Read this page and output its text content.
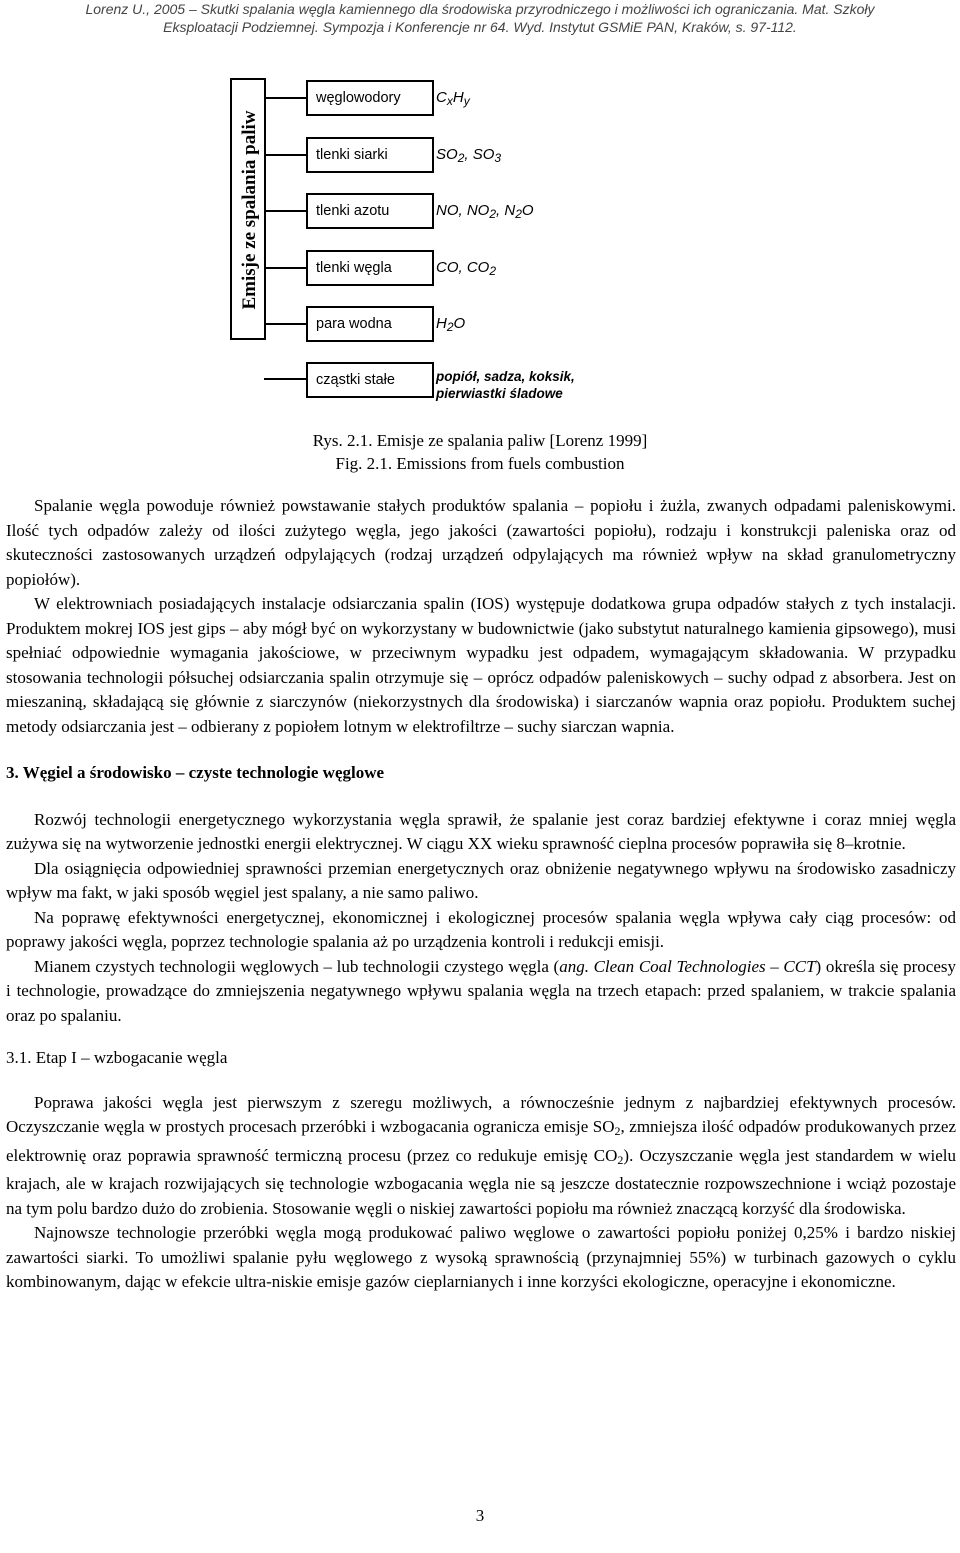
Lorenz U., 2005 – Skutki spalania węgla kamiennego dla środowiska przyrodniczego i możliwości ich ograniczania. Mat. Szkoły
Eksploatacji Podziemnej. Sympozja i Konferencje nr 64. Wyd. Instytut GSMiE PAN, Kraków, s. 97-112.
Emisje ze spalania paliw
węglowodory	$C_xH_y$
tlenki siarki	$SO_2$, $SO_3$
tlenki azotu	NO, $NO_2$, $N_2O$
tlenki węgla	CO, $CO_2$
para wodna	$H_2O$
cząstki stałe	popiół, sadza, koksik,
pierwiastki śladowe
Rys. 2.1. Emisje ze spalania paliw [Lorenz 1999]
Fig. 2.1. Emissions from fuels combustion

Spalanie węgla powoduje również powstawanie stałych produktów spalania – popiołu i żużla, zwanych odpadami paleniskowymi. Ilość tych odpadów zależy od ilości zużytego węgla, jego jakości (zawartości popiołu), rodzaju i konstrukcji paleniska oraz od skuteczności zastosowanych urządzeń odpylających (rodzaj urządzeń odpylających ma również wpływ na skład granulometryczny popiołów).

W elektrowniach posiadających instalacje odsiarczania spalin (IOS) występuje dodatkowa grupa odpadów stałych z tych instalacji. Produktem mokrej IOS jest gips – aby mógł być on wykorzystany w budownictwie (jako substytut naturalnego kamienia gipsowego), musi spełniać odpowiednie wymagania jakościowe, w przeciwnym wypadku jest odpadem, wymagającym składowania. W przypadku stosowania technologii półsuchej odsiarczania spalin otrzymuje się – oprócz odpadów paleniskowych – suchy odpad z absorbera. Jest on mieszaniną, składającą się głównie z siarczynów (niekorzystnych dla środowiska) i siarczanów wapnia oraz popiołu. Produktem suchej metody odsiarczania jest – odbierany z popiołem lotnym w elektrofiltrze – suchy siarczan wapnia.

3. Węgiel a środowisko – czyste technologie węglowe

Rozwój technologii energetycznego wykorzystania węgla sprawił, że spalanie jest coraz bardziej efektywne i coraz mniej węgla zużywa się na wytworzenie jednostki energii elektrycznej. W ciągu XX wieku sprawność cieplna procesów poprawiła się 8–krotnie.

Dla osiągnięcia odpowiedniej sprawności przemian energetycznych oraz obniżenie negatywnego wpływu na środowisko zasadniczy wpływ ma fakt, w jaki sposób węgiel jest spalany, a nie samo paliwo.

Na poprawę efektywności energetycznej, ekonomicznej i ekologicznej procesów spalania węgla wpływa cały ciąg procesów: od poprawy jakości węgla, poprzez technologie spalania aż po urządzenia kontroli i redukcji emisji.

Mianem czystych technologii węglowych – lub technologii czystego węgla (ang. Clean Coal Technologies – CCT) określa się procesy i technologie, prowadzące do zmniejszenia negatywnego wpływu spalania węgla na trzech etapach: przed spalaniem, w trakcie spalania oraz po spalaniu.

3.1. Etap I – wzbogacanie węgla

Poprawa jakości węgla jest pierwszym z szeregu możliwych, a równocześnie jednym z najbardziej efektywnych procesów. Oczyszczanie węgla w prostych procesach przeróbki i wzbogacania ogranicza emisje $SO_2$, zmniejsza ilość odpadów produkowanych przez elektrownię oraz poprawia sprawność termiczną procesu (przez co redukuje emisję $CO_2$). Oczyszczanie węgla jest standardem w wielu krajach, ale w krajach rozwijających się technologie wzbogacania węgla nie są jeszcze dostatecznie rozpowszechnione i wciąż pozostaje na tym polu bardzo dużo do zrobienia. Stosowanie węgli o niskiej zawartości popiołu ma również znaczącą korzyść dla środowiska.

Najnowsze technologie przeróbki węgla mogą produkować paliwo węglowe o zawartości popiołu poniżej 0,25% i bardzo niskiej zawartości siarki. To umożliwi spalanie pyłu węglowego z wysoką sprawnością (przynajmniej 55%) w turbinach gazowych o cyklu kombinowanym, dając w efekcie ultra-niskie emisje gazów cieplarnianych i inne korzyści ekologiczne, operacyjne i ekonomiczne.

3
